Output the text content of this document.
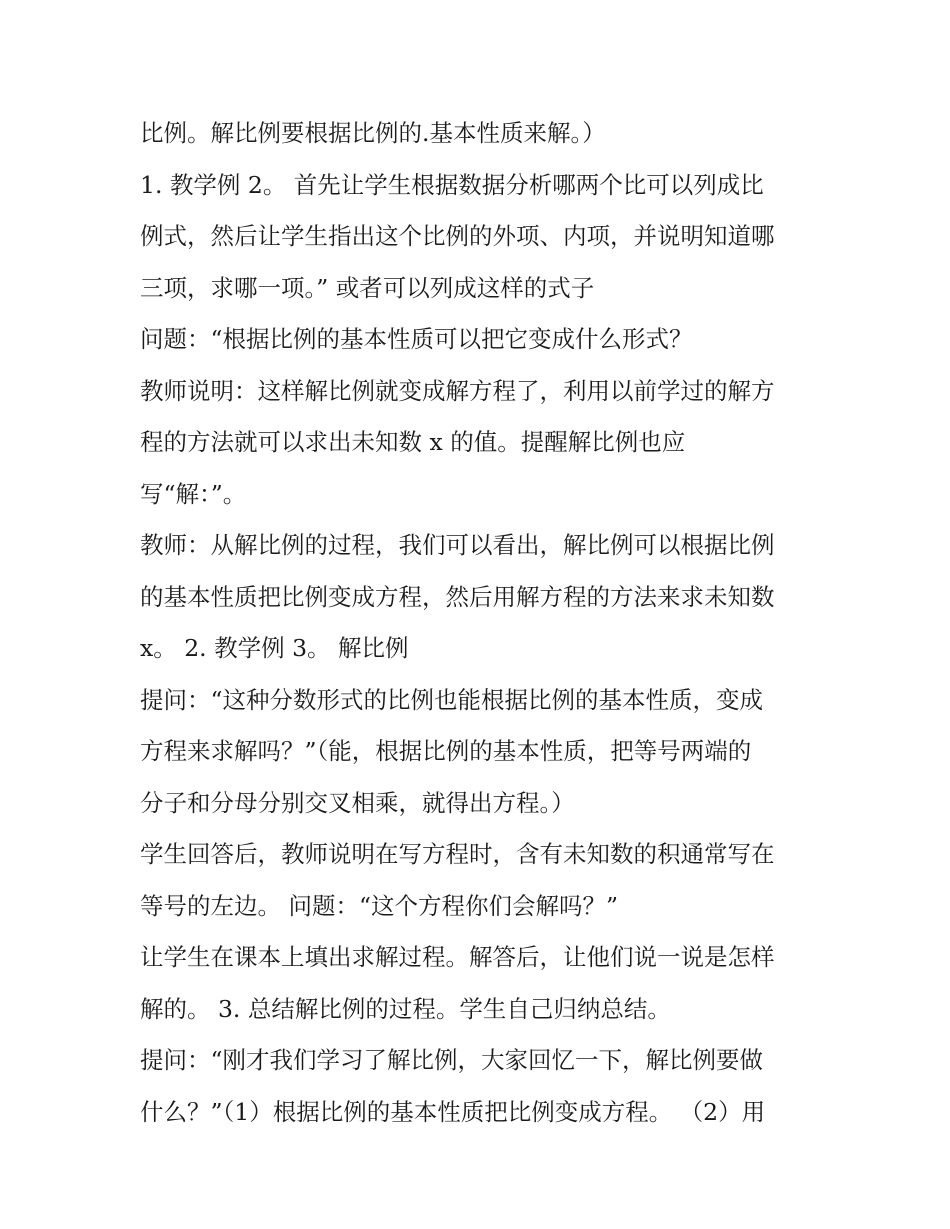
比例。解比例要根据比例的.基本性质来解。）
1. 教学例 2。 首先让学生根据数据分析哪两个比可以列成比
例式，然后让学生指出这个比例的外项、内项，并说明知道哪
三项，求哪一项。” 或者可以列成这样的式子
问题：“根据比例的基本性质可以把它变成什么形式？
教师说明：这样解比例就变成解方程了，利用以前学过的解方
程的方法就可以求出未知数 x 的值。提醒解比例也应
写“解：”。
教师：从解比例的过程，我们可以看出，解比例可以根据比例
的基本性质把比例变成方程，然后用解方程的方法来求未知数
x。 2. 教学例 3。 解比例
提问：“这种分数形式的比例也能根据比例的基本性质，变成
方程来求解吗？”（能，根据比例的基本性质，把等号两端的
分子和分母分别交叉相乘，就得出方程。）
学生回答后，教师说明在写方程时，含有未知数的积通常写在
等号的左边。 问题：“这个方程你们会解吗？”
让学生在课本上填出求解过程。解答后，让他们说一说是怎样
解的。 3. 总结解比例的过程。学生自己归纳总结。
提问：“刚才我们学习了解比例，大家回忆一下，解比例要做
什么？”（1）根据比例的基本性质把比例变成方程。 （2）用
